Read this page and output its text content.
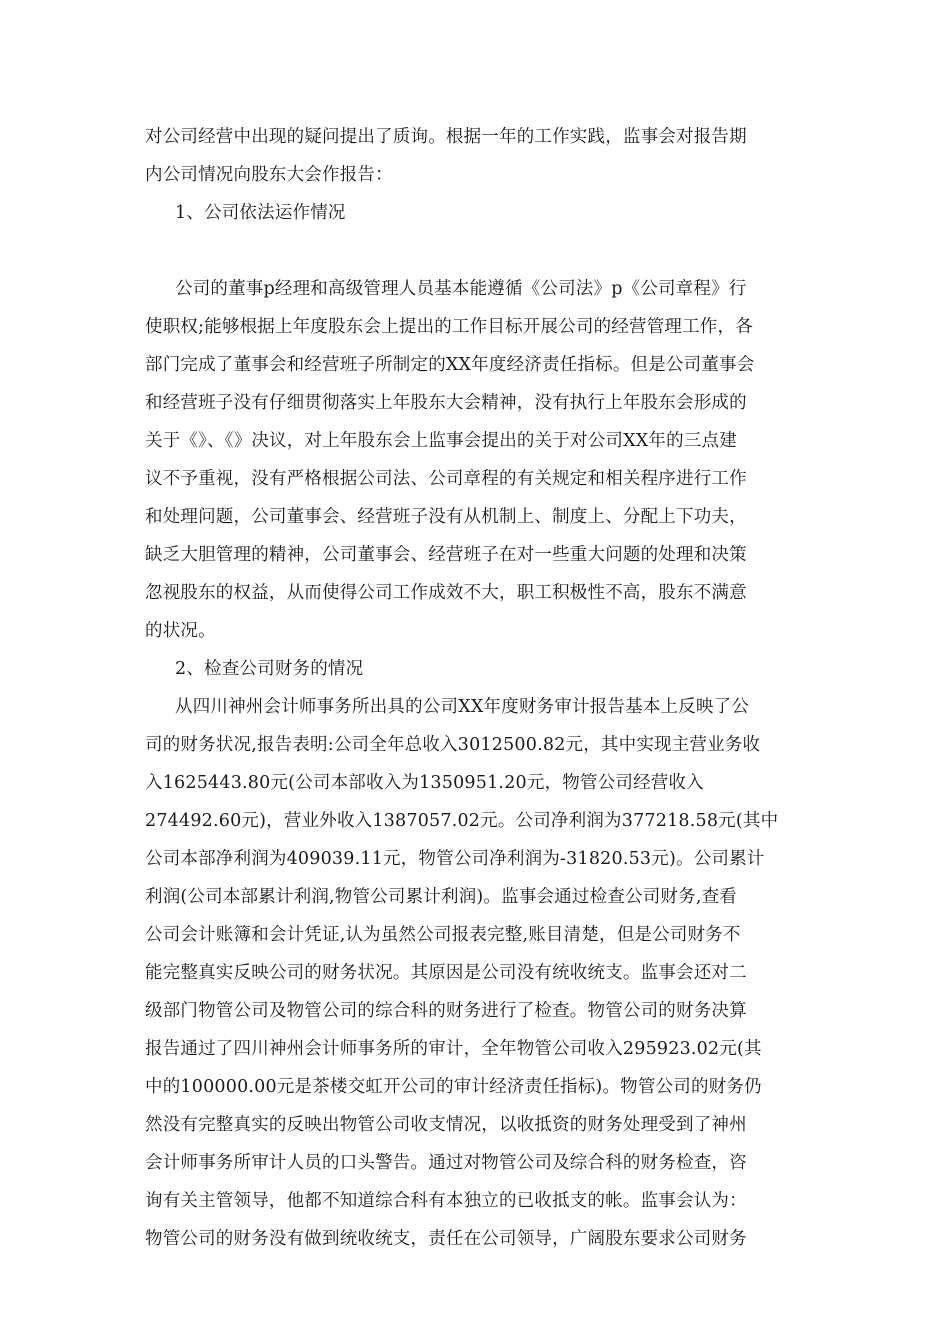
对公司经营中出现的疑问提出了质询。根据一年的工作实践，监事会对报告期
内公司情况向股东大会作报告：
1、公司依法运作情况
公司的董事p经理和高级管理人员基本能遵循《公司法》p《公司章程》行
使职权;能够根据上年度股东会上提出的工作目标开展公司的经营管理工作，各
部门完成了董事会和经营班子所制定的XX年度经济责任指标。但是公司董事会
和经营班子没有仔细贯彻落实上年股东大会精神，没有执行上年股东会形成的
关于《》、《》决议，对上年股东会上监事会提出的关于对公司XX年的三点建
议不予重视，没有严格根据公司法、公司章程的有关规定和相关程序进行工作
和处理问题，公司董事会、经营班子没有从机制上、制度上、分配上下功夫，
缺乏大胆管理的精神，公司董事会、经营班子在对一些重大问题的处理和决策
忽视股东的权益，从而使得公司工作成效不大，职工积极性不高，股东不满意
的状况。
2、检查公司财务的情况
从四川神州会计师事务所出具的公司XX年度财务审计报告基本上反映了公
司的财务状况,报告表明:公司全年总收入3012500.82元，其中实现主营业务收
入1625443.80元(公司本部收入为1350951.20元，物管公司经营收入
274492.60元)，营业外收入1387057.02元。公司净利润为377218.58元(其中
公司本部净利润为409039.11元，物管公司净利润为-31820.53元)。公司累计
利润(公司本部累计利润,物管公司累计利润)。监事会通过检查公司财务,查看
公司会计账簿和会计凭证,认为虽然公司报表完整,账目清楚，但是公司财务不
能完整真实反映公司的财务状况。其原因是公司没有统收统支。监事会还对二
级部门物管公司及物管公司的综合科的财务进行了检查。物管公司的财务决算
报告通过了四川神州会计师事务所的审计，全年物管公司收入295923.02元(其
中的100000.00元是茶楼交虹开公司的审计经济责任指标)。物管公司的财务仍
然没有完整真实的反映出物管公司收支情况，以收抵资的财务处理受到了神州
会计师事务所审计人员的口头警告。通过对物管公司及综合科的财务检查，咨
询有关主管领导，他都不知道综合科有本独立的已收抵支的帐。监事会认为：
物管公司的财务没有做到统收统支，责任在公司领导，广阔股东要求公司财务
